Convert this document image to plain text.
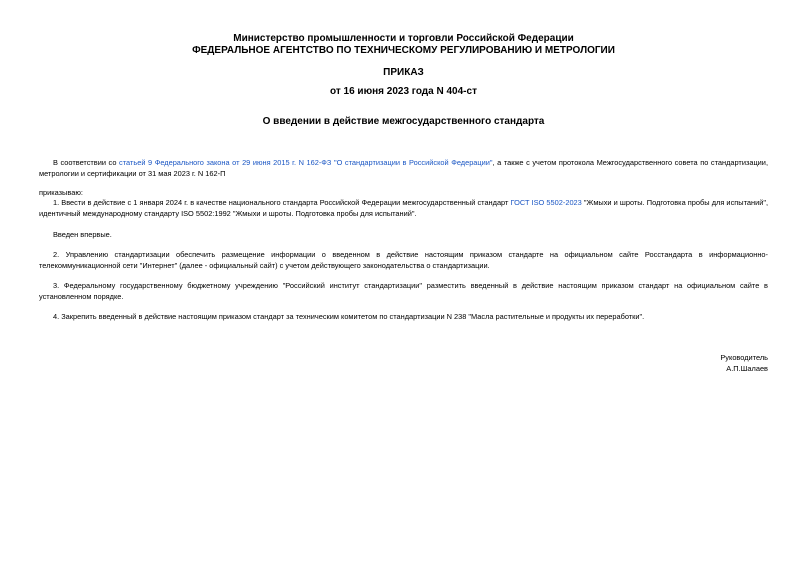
Министерство промышленности и торговли Российской Федерации
ФЕДЕРАЛЬНОЕ АГЕНТСТВО ПО ТЕХНИЧЕСКОМУ РЕГУЛИРОВАНИЮ И МЕТРОЛОГИИ
ПРИКАЗ
от 16 июня 2023 года N 404-ст
О введении в действие межгосударственного стандарта
В соответствии со статьей 9 Федерального закона от 29 июня 2015 г. N 162-ФЗ "О стандартизации в Российской Федерации", а также с учетом протокола Межгосударственного совета по стандартизации, метрологии и сертификации от 31 мая 2023 г. N 162-П
приказываю:
1. Ввести в действие с 1 января 2024 г. в качестве национального стандарта Российской Федерации межгосударственный стандарт ГОСТ ISO 5502-2023 "Жмыхи и шроты. Подготовка пробы для испытаний", идентичный международному стандарту ISO 5502:1992 "Жмыхи и шроты. Подготовка пробы для испытаний".
Введен впервые.
2. Управлению стандартизации обеспечить размещение информации о введенном в действие настоящим приказом стандарте на официальном сайте Росстандарта в информационно-телекоммуникационной сети "Интернет" (далее - официальный сайт) с учетом действующего законодательства о стандартизации.
3. Федеральному государственному бюджетному учреждению "Российский институт стандартизации" разместить введенный в действие настоящим приказом стандарт на официальном сайте в установленном порядке.
4. Закрепить введенный в действие настоящим приказом стандарт за техническим комитетом по стандартизации N 238 "Масла растительные и продукты их переработки".
Руководитель
А.П.Шалаев
